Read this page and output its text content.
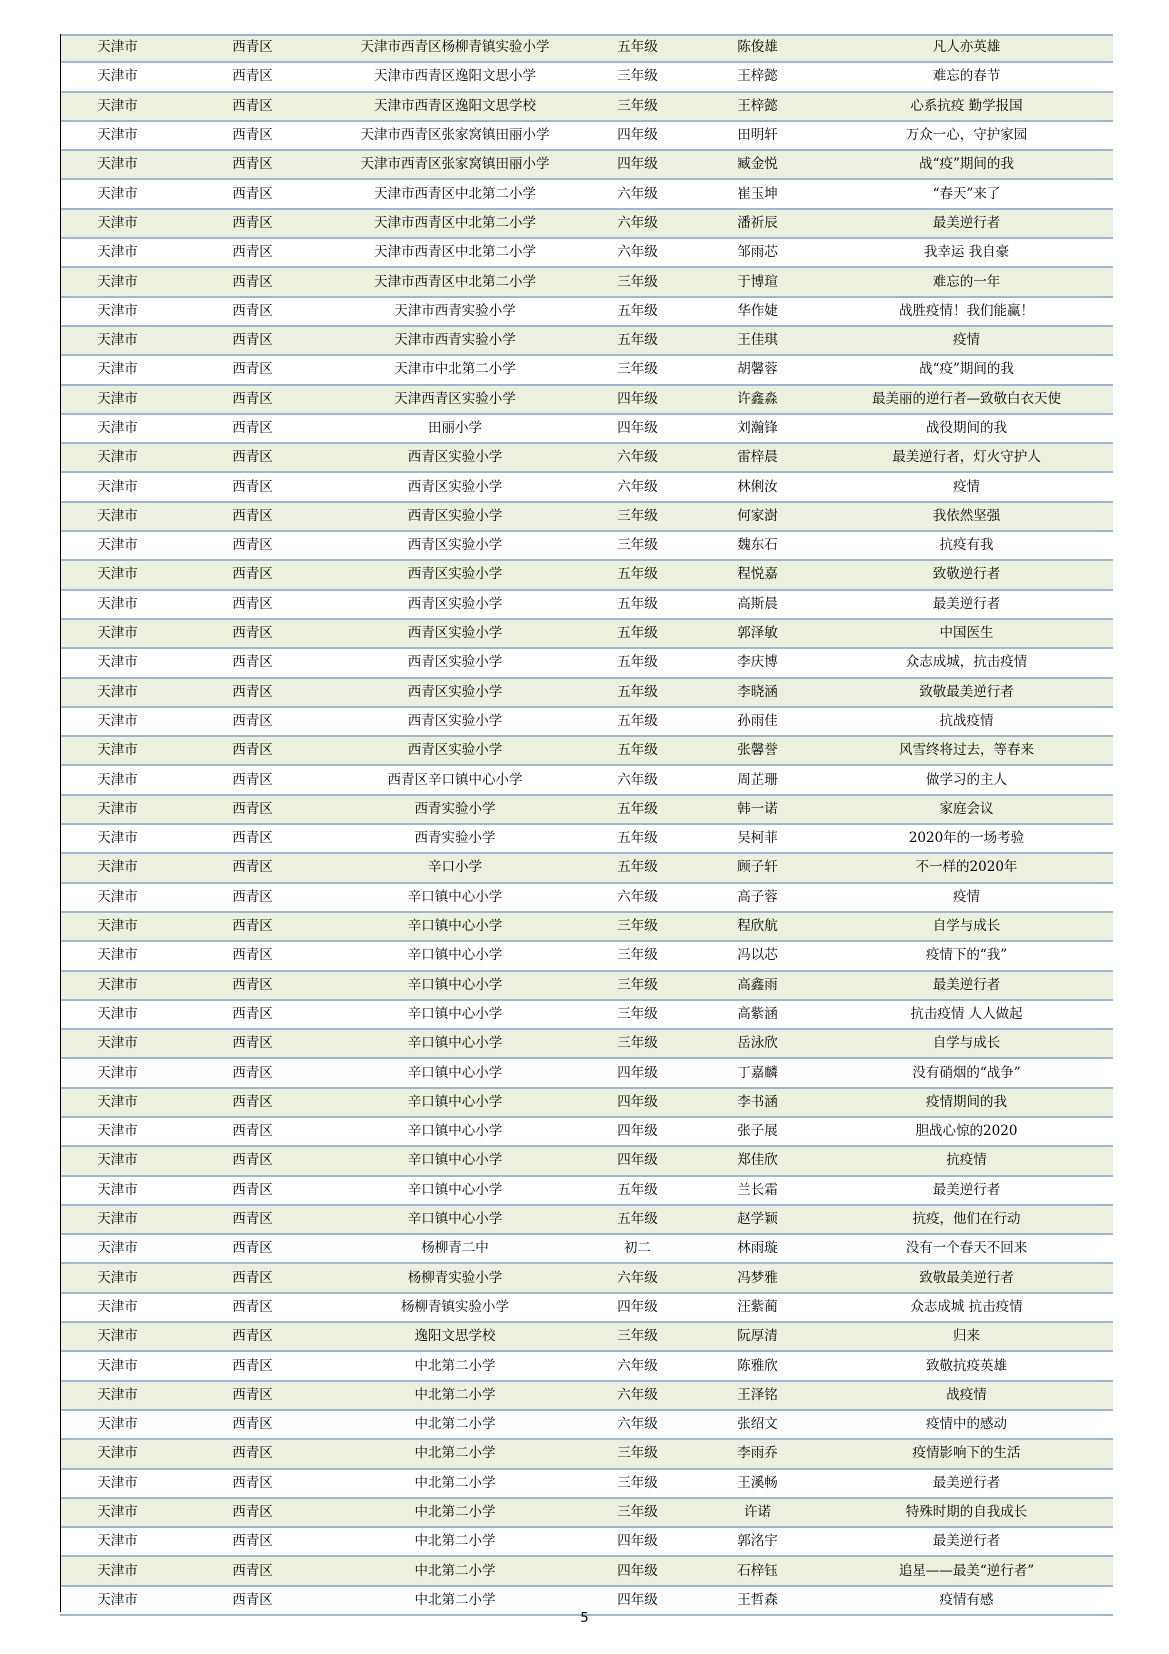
天津市	西青区	天津市西青区杨柳青镇实验小学	五年级	陈俊雄	凡人亦英雄
天津市	西青区	天津市西青区逸阳文思小学	三年级	王梓懿	难忘的春节
天津市	西青区	天津市西青区逸阳文思学校	三年级	王梓懿	心系抗疫 勤学报国
天津市	西青区	天津市西青区张家窝镇田丽小学	四年级	田明轩	万众一心，守护家园
天津市	西青区	天津市西青区张家窝镇田丽小学	四年级	臧金悦	战“疫”期间的我
天津市	西青区	天津市西青区中北第二小学	六年级	崔玉坤	“春天”来了
天津市	西青区	天津市西青区中北第二小学	六年级	潘祈辰	最美逆行者
天津市	西青区	天津市西青区中北第二小学	六年级	邹雨芯	我幸运 我自豪
天津市	西青区	天津市西青区中北第二小学	三年级	于博瑄	难忘的一年
天津市	西青区	天津市西青实验小学	五年级	华作婕	战胜疫情！我们能赢！
天津市	西青区	天津市西青实验小学	五年级	王佳琪	疫情
天津市	西青区	天津市中北第二小学	三年级	胡馨蓉	战“疫”期间的我
天津市	西青区	天津西青区实验小学	四年级	许鑫淼	最美丽的逆行者—致敬白衣天使
天津市	西青区	田丽小学	四年级	刘瀚锋	战役期间的我
天津市	西青区	西青区实验小学	六年级	雷梓晨	最美逆行者，灯火守护人
天津市	西青区	西青区实验小学	六年级	林俐汝	疫情
天津市	西青区	西青区实验小学	三年级	何家澍	我依然坚强
天津市	西青区	西青区实验小学	三年级	魏东石	抗疫有我
天津市	西青区	西青区实验小学	五年级	程悦嘉	致敬逆行者
天津市	西青区	西青区实验小学	五年级	高斯晨	最美逆行者
天津市	西青区	西青区实验小学	五年级	郭泽敏	中国医生
天津市	西青区	西青区实验小学	五年级	李庆博	众志成城，抗击疫情
天津市	西青区	西青区实验小学	五年级	李晓涵	致敬最美逆行者
天津市	西青区	西青区实验小学	五年级	孙雨佳	抗战疫情
天津市	西青区	西青区实验小学	五年级	张馨誉	风雪终将过去，等春来
天津市	西青区	西青区辛口镇中心小学	六年级	周芷珊	做学习的主人
天津市	西青区	西青实验小学	五年级	韩一诺	家庭会议
天津市	西青区	西青实验小学	五年级	吴柯菲	2020年的一场考验
天津市	西青区	辛口小学	五年级	顾子轩	不一样的2020年
天津市	西青区	辛口镇中心小学	六年级	高子蓉	疫情
天津市	西青区	辛口镇中心小学	三年级	程欣航	自学与成长
天津市	西青区	辛口镇中心小学	三年级	冯以芯	疫情下的“我”
天津市	西青区	辛口镇中心小学	三年级	高鑫雨	最美逆行者
天津市	西青区	辛口镇中心小学	三年级	高紫涵	抗击疫情 人人做起
天津市	西青区	辛口镇中心小学	三年级	岳泳欣	自学与成长
天津市	西青区	辛口镇中心小学	四年级	丁嘉麟	没有硝烟的“战争”
天津市	西青区	辛口镇中心小学	四年级	李书涵	疫情期间的我
天津市	西青区	辛口镇中心小学	四年级	张子展	胆战心惊的2020
天津市	西青区	辛口镇中心小学	四年级	郑佳欣	抗疫情
天津市	西青区	辛口镇中心小学	五年级	兰长霜	最美逆行者
天津市	西青区	辛口镇中心小学	五年级	赵学颖	抗疫，他们在行动
天津市	西青区	杨柳青二中	初二	林雨璇	没有一个春天不回来
天津市	西青区	杨柳青实验小学	六年级	冯梦雅	致敬最美逆行者
天津市	西青区	杨柳青镇实验小学	四年级	汪紫蔺	众志成城 抗击疫情
天津市	西青区	逸阳文思学校	三年级	阮厚清	归来
天津市	西青区	中北第二小学	六年级	陈雅欣	致敬抗疫英雄
天津市	西青区	中北第二小学	六年级	王泽铭	战疫情
天津市	西青区	中北第二小学	六年级	张绍文	疫情中的感动
天津市	西青区	中北第二小学	三年级	李雨乔	疫情影响下的生活
天津市	西青区	中北第二小学	三年级	王溪畅	最美逆行者
天津市	西青区	中北第二小学	三年级	许诺	特殊时期的自我成长
天津市	西青区	中北第二小学	四年级	郭洺宇	最美逆行者
天津市	西青区	中北第二小学	四年级	石梓钰	追星——最美“逆行者”
天津市	西青区	中北第二小学	四年级	王哲森	疫情有感
5
